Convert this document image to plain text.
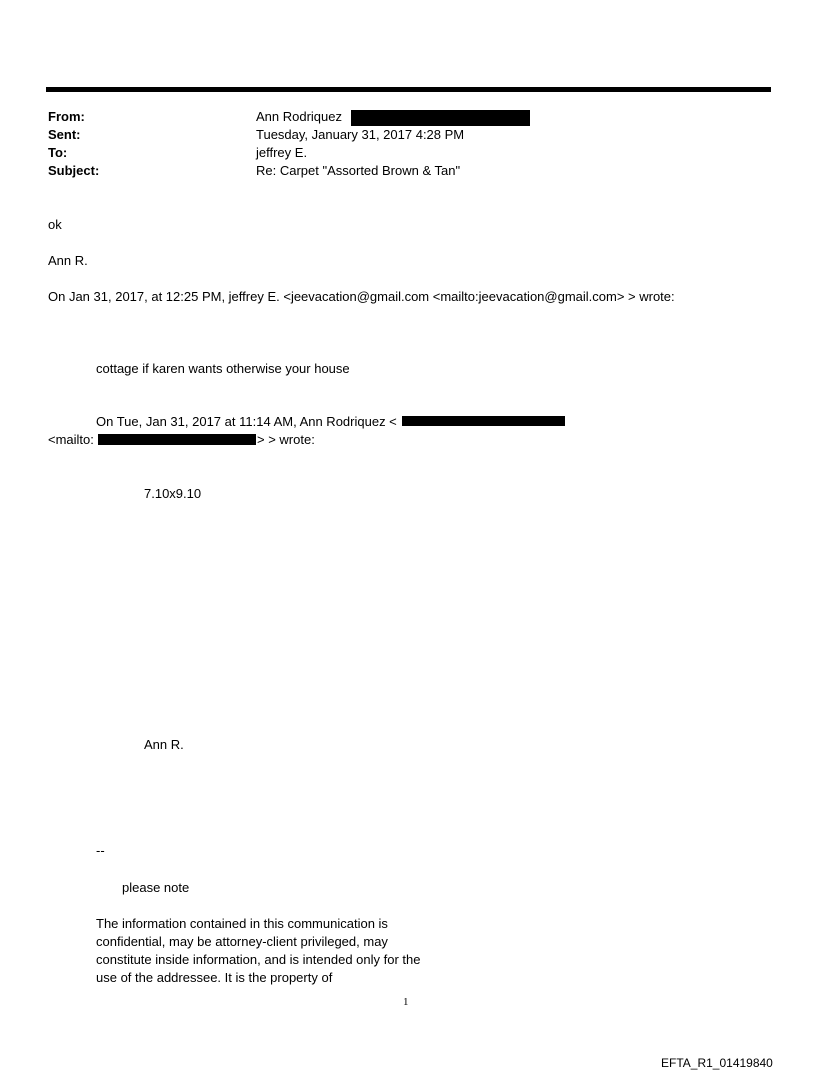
From:	Ann Rodriquez
Sent:	Tuesday, January 31, 2017 4:28 PM
To:	jeffrey E.
Subject:	Re: Carpet "Assorted Brown & Tan"
ok
Ann R.
On Jan 31, 2017, at 12:25 PM, jeffrey E. <jeevacation@gmail.com <mailto:jeevacation@gmail.com> > wrote:
cottage if karen wants otherwise your house
On Tue, Jan 31, 2017 at 11:14 AM, Ann Rodriquez <
<mailto:	> > wrote:
7.10x9.10
Ann R.
--
please note
The information contained in this communication is confidential, may be attorney-client privileged, may constitute inside information, and is intended only for the use of the addressee. It is the property of
1
EFTA_R1_01419840
